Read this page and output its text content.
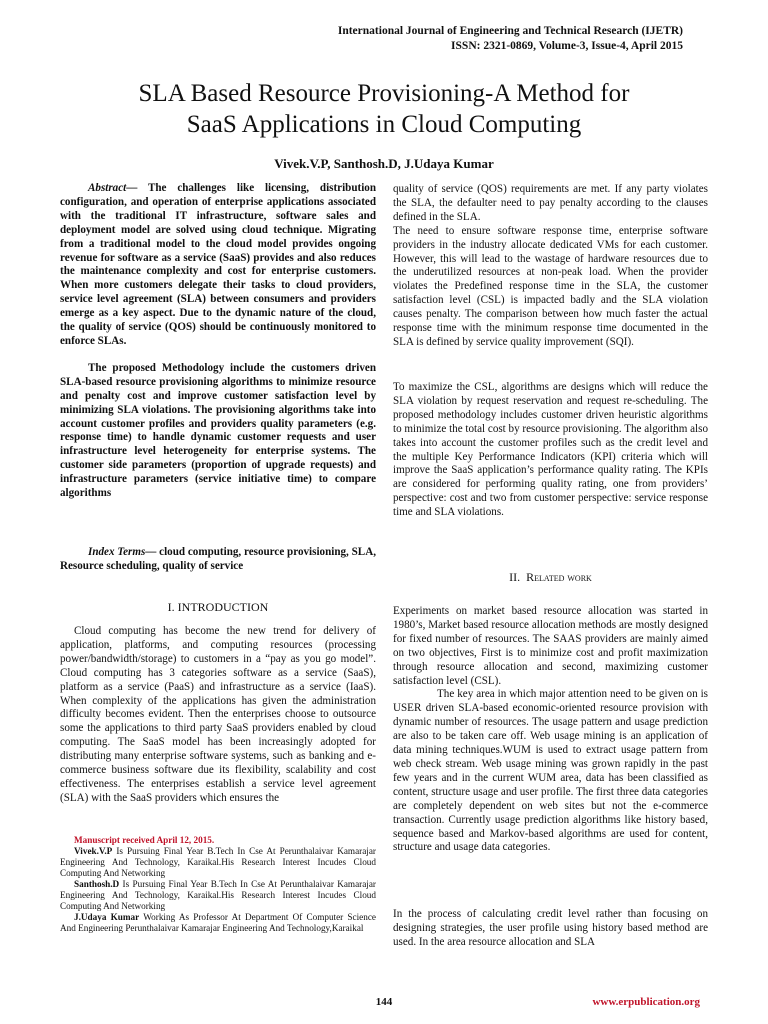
International Journal of Engineering and Technical Research (IJETR)
ISSN: 2321-0869, Volume-3, Issue-4, April 2015
SLA Based Resource Provisioning-A Method for
SaaS Applications in Cloud Computing
Vivek.V.P, Santhosh.D, J.Udaya Kumar

Abstract— The challenges like licensing, distribution configuration, and operation of enterprise applications associated with the traditional IT infrastructure, software sales and deployment model are solved using cloud technique. Migrating from a traditional model to the cloud model provides ongoing revenue for software as a service (SaaS) provides and also reduces the maintenance complexity and cost for enterprise customers. When more customers delegate their tasks to cloud providers, service level agreement (SLA) between consumers and providers emerge as a key aspect. Due to the dynamic nature of the cloud, the quality of service (QOS) should be continuously monitored to enforce SLAs.

The proposed Methodology include the customers driven SLA-based resource provisioning algorithms to minimize resource and penalty cost and improve customer satisfaction level by minimizing SLA violations. The provisioning algorithms take into account customer profiles and providers quality parameters (e.g. response time) to handle dynamic customer requests and user infrastructure level heterogeneity for enterprise systems. The customer side parameters (proportion of upgrade requests) and infrastructure parameters (service initiative time) to compare algorithms

Index Terms— cloud computing, resource provisioning, SLA, Resource scheduling, quality of service

I. INTRODUCTION

Cloud computing has become the new trend for delivery of application, platforms, and computing resources (processing power/bandwidth/storage) to customers in a “pay as you go model”. Cloud computing has 3 categories software as a service (SaaS), platform as a service (PaaS) and infrastructure as a service (IaaS). When complexity of the applications has given the administration difficulty becomes evident. Then the enterprises choose to outsource some the applications to third party SaaS providers enabled by cloud computing. The SaaS model has been increasingly adopted for distributing many enterprise software systems, such as banking and e-commerce business software due its flexibility, scalability and cost effectiveness. The enterprises establish a service level agreement (SLA) with the SaaS providers which ensures the

Manuscript received April 12, 2015.

Vivek.V.P Is Pursuing Final Year B.Tech In Cse At Perunthalaivar Kamarajar Engineering And Technology, Karaikal.His Research Interest Incudes Cloud Computing And Networking

Santhosh.D Is Pursuing Final Year B.Tech In Cse At Perunthalaivar Kamarajar Engineering And Technology, Karaikal.His Research Interest Incudes Cloud Computing And Networking

J.Udaya Kumar Working As Professor At Department Of Computer Science And Engineering Perunthalaivar Kamarajar Engineering And Technology,Karaikal

quality of service (QOS) requirements are met. If any party violates the SLA, the defaulter need to pay penalty according to the clauses defined in the SLA.

The need to ensure software response time, enterprise software providers in the industry allocate dedicated VMs for each customer. However, this will lead to the wastage of hardware resources due to the underutilized resources at non-peak load. When the provider violates the Predefined response time in the SLA, the customer satisfaction level (CSL) is impacted badly and the SLA violation causes penalty. The comparison between how much faster the actual response time with the minimum response time documented in the SLA is defined by service quality improvement (SQI).

To maximize the CSL, algorithms are designs which will reduce the SLA violation by request reservation and request re-scheduling. The proposed methodology includes customer driven heuristic algorithms to minimize the total cost by resource provisioning. The algorithm also takes into account the customer profiles such as the credit level and the multiple Key Performance Indicators (KPI) criteria which will improve the SaaS application’s performance quality rating. The KPIs are considered for performing quality rating, one from providers’ perspective: cost and two from customer perspective: service response time and SLA violations.

II. Related work

Experiments on market based resource allocation was started in 1980’s, Market based resource allocation methods are mostly designed for fixed number of resources. The SAAS providers are mainly aimed on two objectives, First is to minimize cost and profit maximization through resource allocation and second, maximizing customer satisfaction level (CSL).

The key area in which major attention need to be given on is USER driven SLA-based economic-oriented resource provision with dynamic number of resources. The usage pattern and usage prediction are also to be taken care off. Web usage mining is an application of data mining techniques.WUM is used to extract usage pattern from web check stream. Web usage mining was grown rapidly in the past few years and in the current WUM area, data has been classified as content, structure usage and user profile. The first three data categories are completely dependent on web sites but not the e-commerce transaction. Currently usage prediction algorithms like history based, sequence based and Markov-based algorithms are used for content, structure and usage data categories.

In the process of calculating credit level rather than focusing on designing strategies, the user profile using history based method are used. In the area resource allocation and SLA

144	www.erpublication.org
